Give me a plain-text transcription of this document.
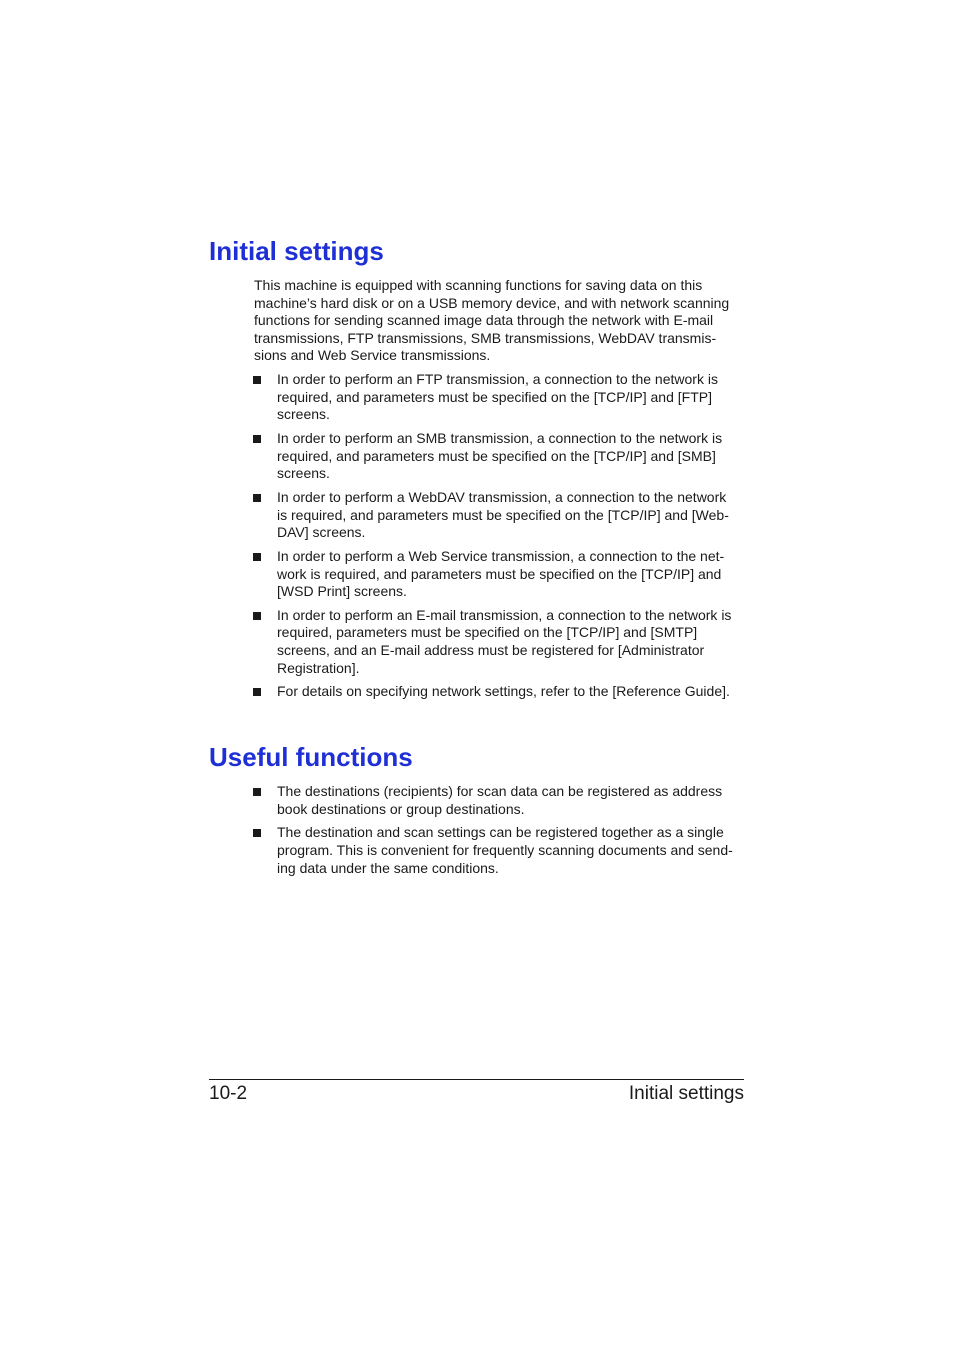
Initial settings

This machine is equipped with scanning functions for saving data on this
machine’s hard disk or on a USB memory device, and with network scanning
functions for sending scanned image data through the network with E-mail
transmissions, FTP transmissions, SMB transmissions, WebDAV transmis-
sions and Web Service transmissions.

In order to perform an FTP transmission, a connection to the network is
required, and parameters must be specified on the [TCP/IP] and [FTP]
screens.
In order to perform an SMB transmission, a connection to the network is
required, and parameters must be specified on the [TCP/IP] and [SMB]
screens.
In order to perform a WebDAV transmission, a connection to the network
is required, and parameters must be specified on the [TCP/IP] and [Web-
DAV] screens.
In order to perform a Web Service transmission, a connection to the net-
work is required, and parameters must be specified on the [TCP/IP] and
[WSD Print] screens.
In order to perform an E-mail transmission, a connection to the network is
required, parameters must be specified on the [TCP/IP] and [SMTP]
screens, and an E-mail address must be registered for [Administrator
Registration].
For details on specifying network settings, refer to the [Reference Guide].
Useful functions
The destinations (recipients) for scan data can be registered as address
book destinations or group destinations.
The destination and scan settings can be registered together as a single
program. This is convenient for frequently scanning documents and send-
ing data under the same conditions.
10-2	Initial settings
